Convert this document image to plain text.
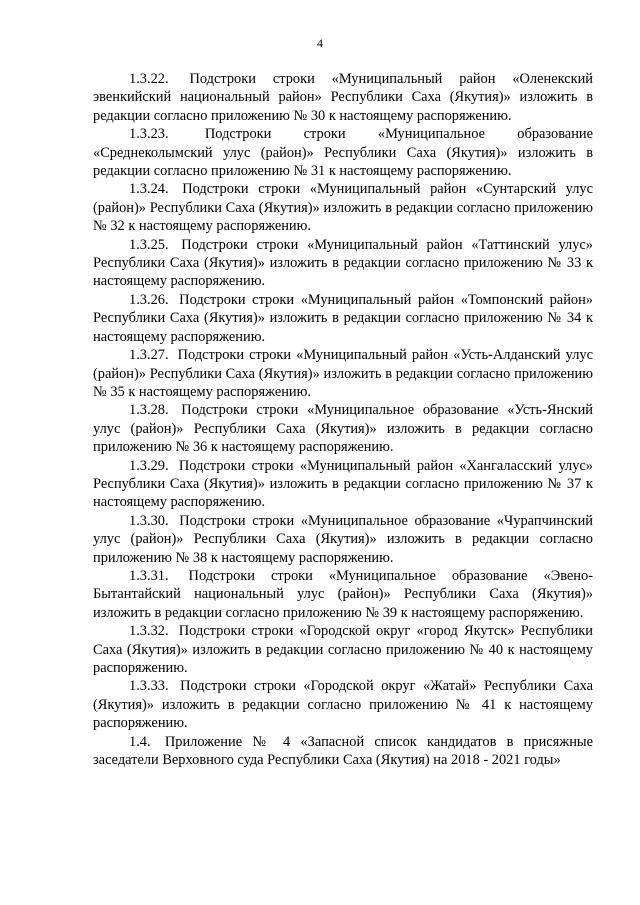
4

1.3.22. Подстроки строки «Муниципальный район «Оленекский эвенкийский национальный район» Республики Саха (Якутия)» изложить в редакции согласно приложению № 30 к настоящему распоряжению.

1.3.23.	Подстроки строки «Муниципальное образование «Среднеколымский улус (район)» Республики Саха (Якутия)» изложить в редакции согласно приложению № 31 к настоящему распоряжению.

1.3.24. Подстроки строки «Муниципальный район «Сунтарский улус (район)» Республики Саха (Якутия)» изложить в редакции согласно приложению № 32 к настоящему распоряжению.

1.3.25. Подстроки строки «Муниципальный район «Таттинский улус» Республики Саха (Якутия)» изложить в редакции согласно приложению № 33 к настоящему распоряжению.

1.3.26. Подстроки строки «Муниципальный район «Томпонский район» Республики Саха (Якутия)» изложить в редакции согласно приложению № 34 к настоящему распоряжению.

1.3.27. Подстроки строки «Муниципальный район «Усть-Алданский улус (район)» Республики Саха (Якутия)» изложить в редакции согласно приложению № 35 к настоящему распоряжению.

1.3.28. Подстроки строки «Муниципальное образование «Усть-Янский улус (район)» Республики Саха (Якутия)» изложить в редакции согласно приложению № 36 к настоящему распоряжению.

1.3.29. Подстроки строки «Муниципальный район «Хангаласский улус» Республики Саха (Якутия)» изложить в редакции согласно приложению № 37 к настоящему распоряжению.

1.3.30. Подстроки строки «Муниципальное образование «Чурапчинский улус (район)» Республики Саха (Якутия)» изложить в редакции согласно приложению № 38 к настоящему распоряжению.

1.3.31. Подстроки строки «Муниципальное образование «Эвено-Бытантайский национальный улус (район)» Республики Саха (Якутия)» изложить в редакции согласно приложению № 39 к настоящему распоряжению.

1.3.32. Подстроки строки «Городской округ «город Якутск» Республики Саха (Якутия)» изложить в редакции согласно приложению № 40 к настоящему распоряжению.

1.3.33. Подстроки строки «Городской округ «Жатай» Республики Саха (Якутия)» изложить в редакции согласно приложению № 41 к настоящему распоряжению.

1.4. Приложение № 4 «Запасной список кандидатов в присяжные заседатели Верховного суда Республики Саха (Якутия) на 2018 - 2021 годы»
